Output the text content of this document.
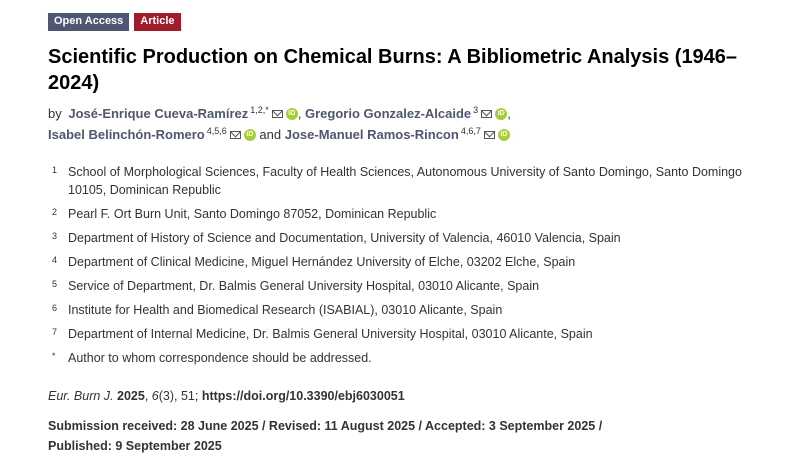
Open Access	Article
Scientific Production on Chemical Burns: A Bibliometric Analysis (1946–2024)
by José-Enrique Cueva-Ramírez $^{1,2,*}$	iD , Gregorio Gonzalez-Alcaide $^3$	iD ,
Isabel Belinchón-Romero $^{4,5,6}$	iD and Jose-Manuel Ramos-Rincon $^{4,6,7}$	iD
1 School of Morphological Sciences, Faculty of Health Sciences, Autonomous University of Santo Domingo, Santo Domingo 10105, Dominican Republic
2 Pearl F. Ort Burn Unit, Santo Domingo 87052, Dominican Republic
3 Department of History of Science and Documentation, University of Valencia, 46010 Valencia, Spain
4 Department of Clinical Medicine, Miguel Hernández University of Elche, 03202 Elche, Spain
5 Service of Department, Dr. Balmis General University Hospital, 03010 Alicante, Spain
6 Institute for Health and Biomedical Research (ISABIAL), 03010 Alicante, Spain
7 Department of Internal Medicine, Dr. Balmis General University Hospital, 03010 Alicante, Spain
* Author to whom correspondence should be addressed.
Eur. Burn J. 2025, 6(3), 51; https://doi.org/10.3390/ebj6030051
Submission received: 28 June 2025 / Revised: 11 August 2025 / Accepted: 3 September 2025 / Published: 9 September 2025
